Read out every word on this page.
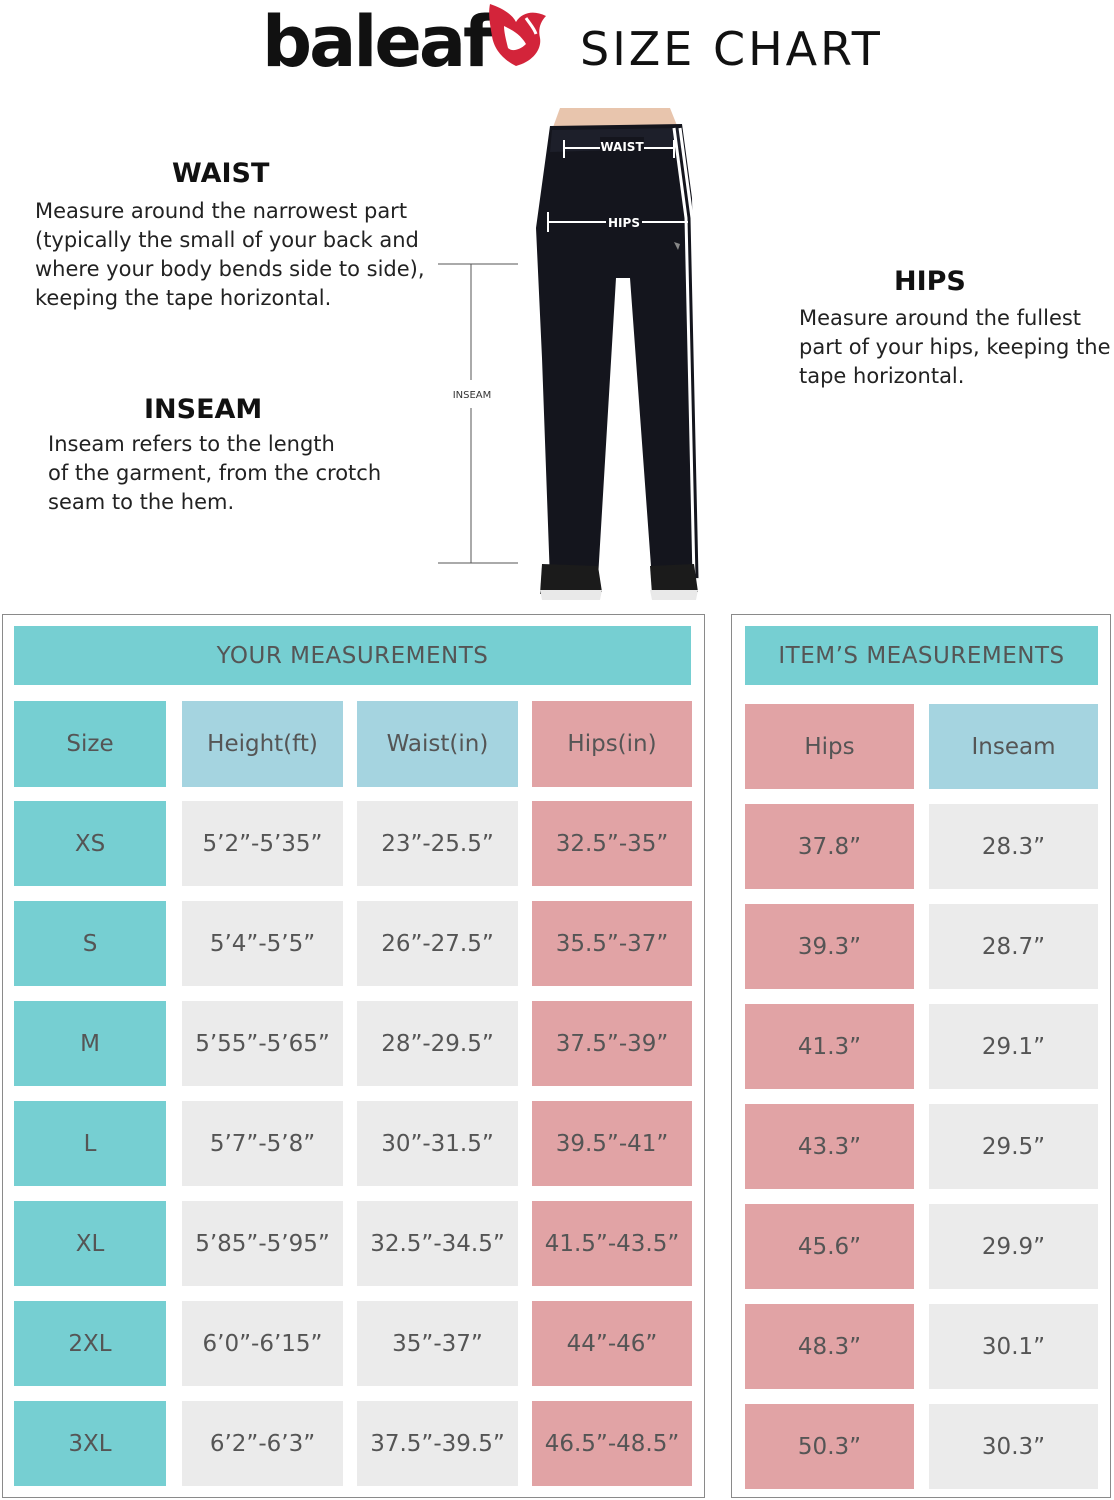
baleaf SIZE CHART
WAIST
Measure around the narrowest part
(typically the small of your back and
where your body bends side to side),
keeping the tape horizontal.
INSEAM
Inseam refers to the length
of the garment, from the crotch
seam to the hem.
HIPS
Measure around the fullest
part of your hips, keeping the
tape horizontal.
WAIST
HIPS
INSEAM
YOUR MEASUREMENTS
Size	Height(ft)	Waist(in)	Hips(in)
XS	5’2”-5’35”	23”-25.5”	32.5”-35”
S	5’4”-5’5”	26”-27.5”	35.5”-37”
M	5’55”-5’65”	28”-29.5”	37.5”-39”
L	5’7”-5’8”	30”-31.5”	39.5”-41”
XL	5’85”-5’95”	32.5”-34.5”	41.5”-43.5”
2XL	6’0”-6’15”	35”-37”	44”-46”
3XL	6’2”-6’3”	37.5”-39.5”	46.5”-48.5”
ITEM’S MEASUREMENTS
Hips	Inseam
37.8”	28.3”
39.3”	28.7”
41.3”	29.1”
43.3”	29.5”
45.6”	29.9”
48.3”	30.1”
50.3”	30.3”
